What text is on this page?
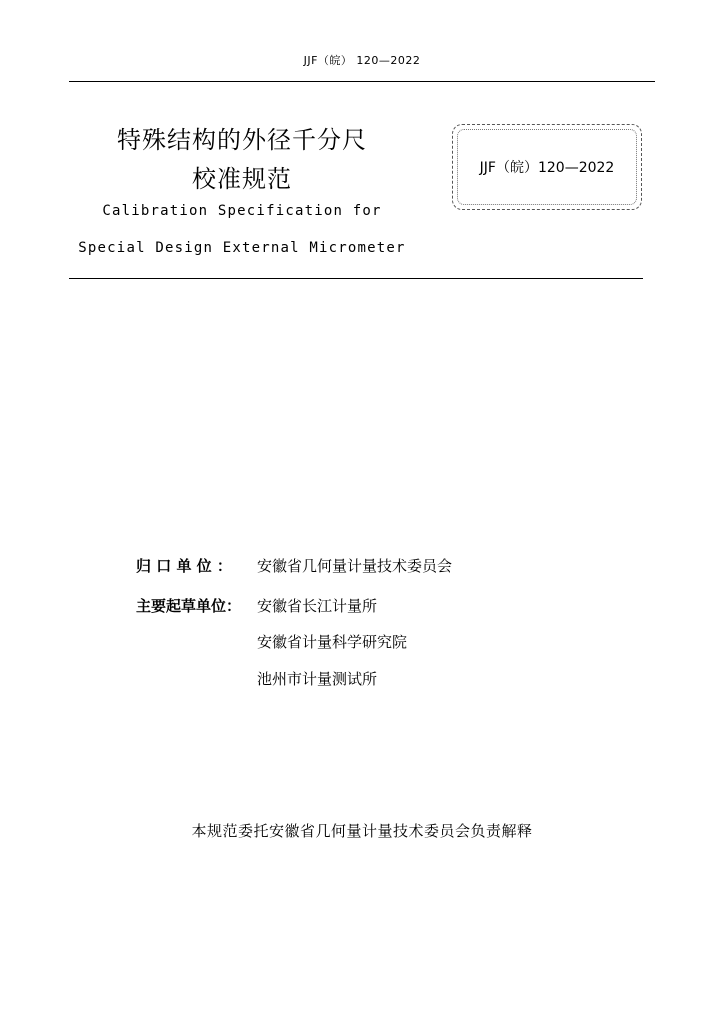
JJF（皖） 120—2022
特殊结构的外径千分尺
校准规范
Calibration Specification for
Special Design External Micrometer
JJF（皖）120—2022
归 口 单 位 ： 安徽省几何量计量技术委员会
主要起草单位： 安徽省长江计量所
安徽省计量科学研究院
池州市计量测试所
本规范委托安徽省几何量计量技术委员会负责解释
